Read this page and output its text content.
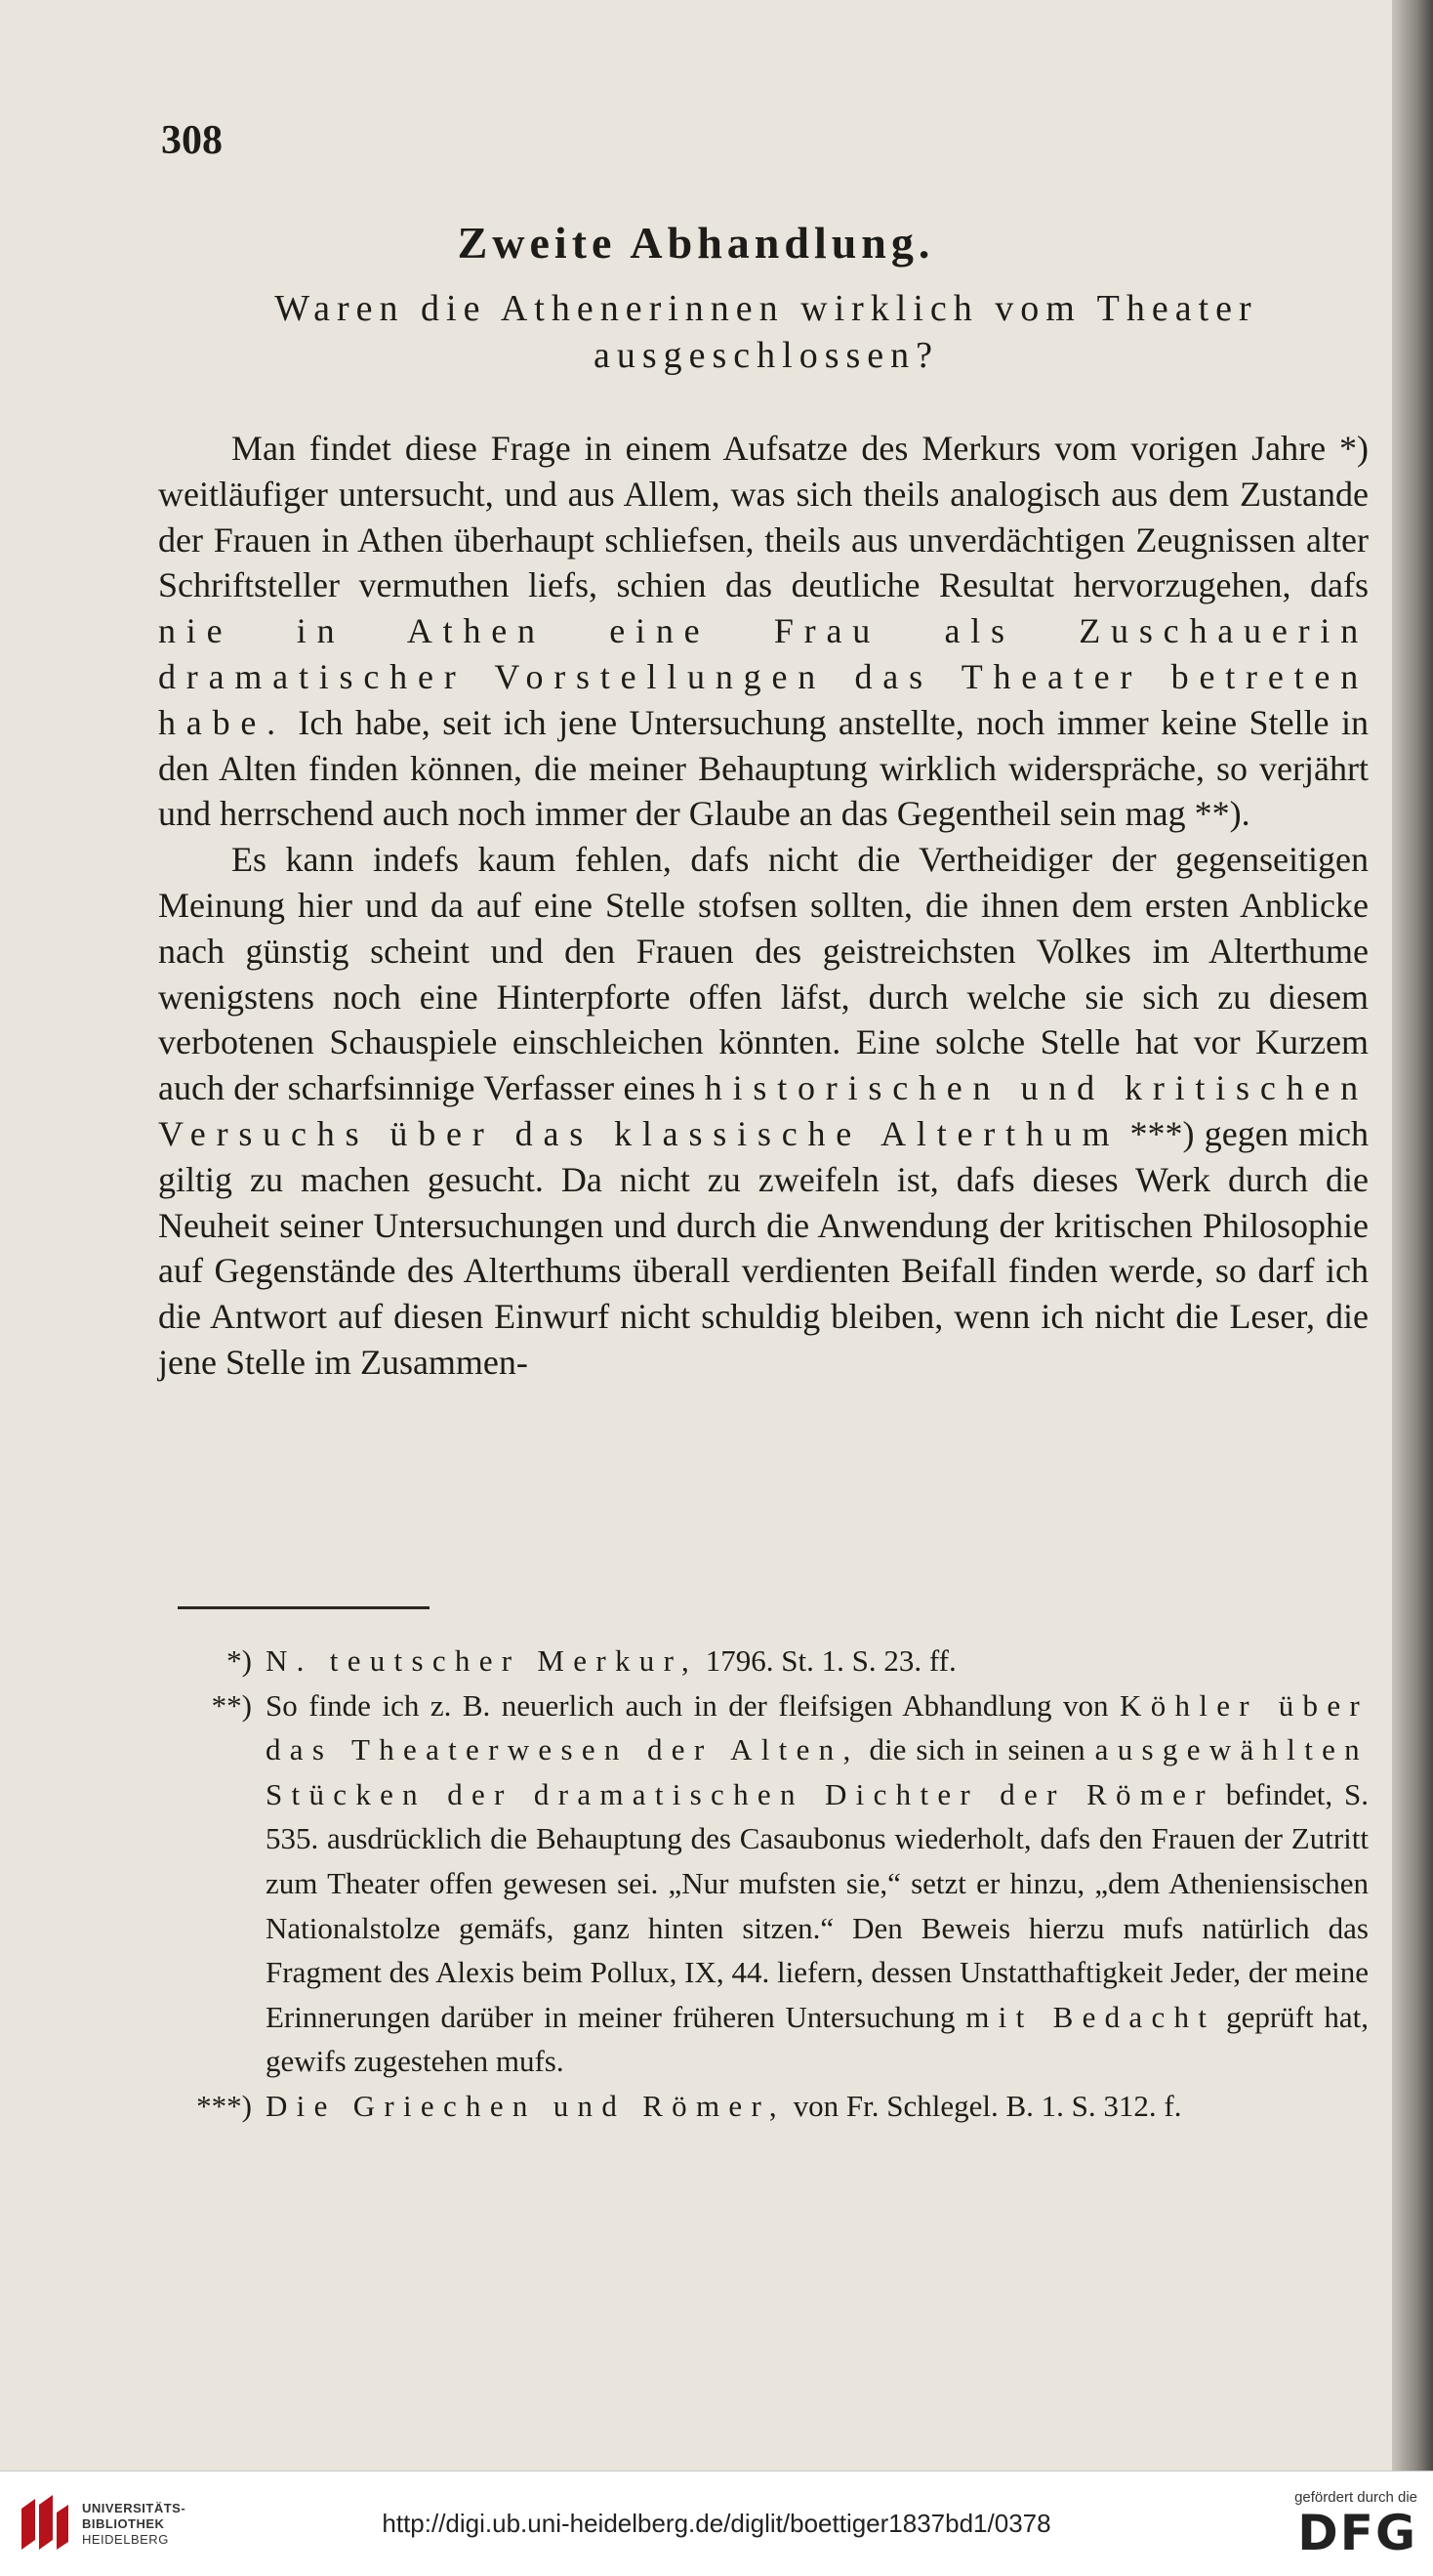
308
Zweite Abhandlung.
Waren die Athenerinnen wirklich vom Theater
ausgeschlossen?

Man findet diese Frage in einem Aufsatze des Merkurs vom vorigen Jahre *) weitläufiger untersucht, und aus Allem, was sich theils analogisch aus dem Zustande der Frauen in Athen überhaupt schliefsen, theils aus unverdächtigen Zeugnissen alter Schriftsteller vermuthen liefs, schien das deutliche Resultat hervorzugehen, dafs nie in Athen eine Frau als Zuschauerin dramatischer Vorstellungen das Theater betreten habe. Ich habe, seit ich jene Untersuchung anstellte, noch immer keine Stelle in den Alten finden können, die meiner Behauptung wirklich widerspräche, so verjährt und herrschend auch noch immer der Glaube an das Gegentheil sein mag **).

Es kann indefs kaum fehlen, dafs nicht die Vertheidiger der gegenseitigen Meinung hier und da auf eine Stelle stofsen sollten, die ihnen dem ersten Anblicke nach günstig scheint und den Frauen des geistreichsten Volkes im Alterthume wenigstens noch eine Hinterpforte offen läfst, durch welche sie sich zu diesem verbotenen Schauspiele einschleichen könnten. Eine solche Stelle hat vor Kurzem auch der scharfsinnige Verfasser eines historischen und kritischen Versuchs über das klassische Alterthum ***) gegen mich giltig zu machen gesucht. Da nicht zu zweifeln ist, dafs dieses Werk durch die Neuheit seiner Untersuchungen und durch die Anwendung der kritischen Philosophie auf Gegenstände des Alterthums überall verdienten Beifall finden werde, so darf ich die Antwort auf diesen Einwurf nicht schuldig bleiben, wenn ich nicht die Leser, die jene Stelle im Zusammen-

*) N. teutscher Merkur, 1796. St. 1. S. 23. ff.
**) So finde ich z. B. neuerlich auch in der fleifsigen Abhandlung von Köhler über das Theaterwesen der Alten, die sich in seinen ausgewählten Stücken der dramatischen Dichter der Römer befindet, S. 535. ausdrücklich die Behauptung des Casaubonus wiederholt, dafs den Frauen der Zutritt zum Theater offen gewesen sei. „Nur mufsten sie,“ setzt er hinzu, „dem Atheniensischen Nationalstolze gemäfs, ganz hinten sitzen.“ Den Beweis hierzu mufs natürlich das Fragment des Alexis beim Pollux, IX, 44. liefern, dessen Unstatthaftigkeit Jeder, der meine Erinnerungen darüber in meiner früheren Untersuchung mit Bedacht geprüft hat, gewifs zugestehen mufs.
***) Die Griechen und Römer, von Fr. Schlegel. B. 1. S. 312. f.
UNIVERSITÄTS-
BIBLIOTHEK
HEIDELBERG
http://digi.ub.uni-heidelberg.de/diglit/boettiger1837bd1/0378
gefördert durch die
DFG
